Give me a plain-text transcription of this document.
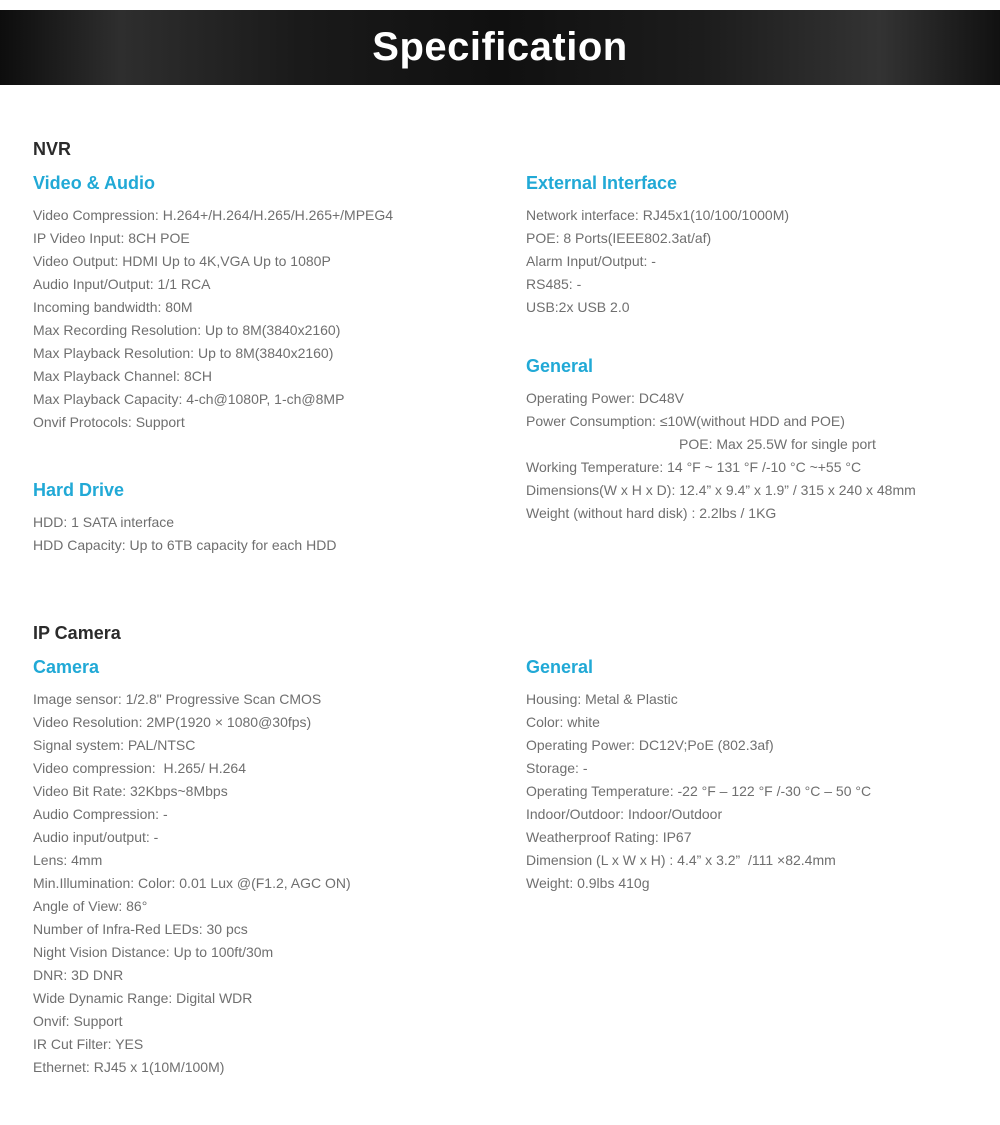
Specification
NVR
Video & Audio
Video Compression: H.264+/H.264/H.265/H.265+/MPEG4
IP Video Input: 8CH POE
Video Output: HDMI Up to 4K,VGA Up to 1080P
Audio Input/Output: 1/1 RCA
Incoming bandwidth: 80M
Max Recording Resolution: Up to 8M(3840x2160)
Max Playback Resolution: Up to 8M(3840x2160)
Max Playback Channel: 8CH
Max Playback Capacity: 4-ch@1080P, 1-ch@8MP
Onvif Protocols: Support
Hard Drive
HDD: 1 SATA interface
HDD Capacity: Up to 6TB capacity for each HDD
External Interface
Network interface: RJ45x1(10/100/1000M)
POE: 8 Ports(IEEE802.3at/af)
Alarm Input/Output: -
RS485: -
USB:2x USB 2.0
General
Operating Power: DC48V
Power Consumption: ≤10W(without HDD and POE)
POE: Max 25.5W for single port
Working Temperature: 14 °F ~ 131 °F /-10 °C ~+55 °C
Dimensions(W x H x D): 12.4” x 9.4” x 1.9” / 315 x 240 x 48mm
Weight (without hard disk) : 2.2lbs / 1KG
IP Camera
Camera
Image sensor: 1/2.8" Progressive Scan CMOS
Video Resolution: 2MP(1920 × 1080@30fps)
Signal system: PAL/NTSC
Video compression:  H.265/ H.264
Video Bit Rate: 32Kbps~8Mbps
Audio Compression: -
Audio input/output: -
Lens: 4mm
Min.Illumination: Color: 0.01 Lux @(F1.2, AGC ON)
Angle of View: 86°
Number of Infra-Red LEDs: 30 pcs
Night Vision Distance: Up to 100ft/30m
DNR: 3D DNR
Wide Dynamic Range: Digital WDR
Onvif: Support
IR Cut Filter: YES
Ethernet: RJ45 x 1(10M/100M)
General
Housing: Metal & Plastic
Color: white
Operating Power: DC12V;PoE (802.3af)
Storage: -
Operating Temperature: -22 °F – 122 °F /-30 °C – 50 °C
Indoor/Outdoor: Indoor/Outdoor
Weatherproof Rating: IP67
Dimension (L x W x H) : 4.4” x 3.2”  /111 ×82.4mm
Weight: 0.9lbs 410g
